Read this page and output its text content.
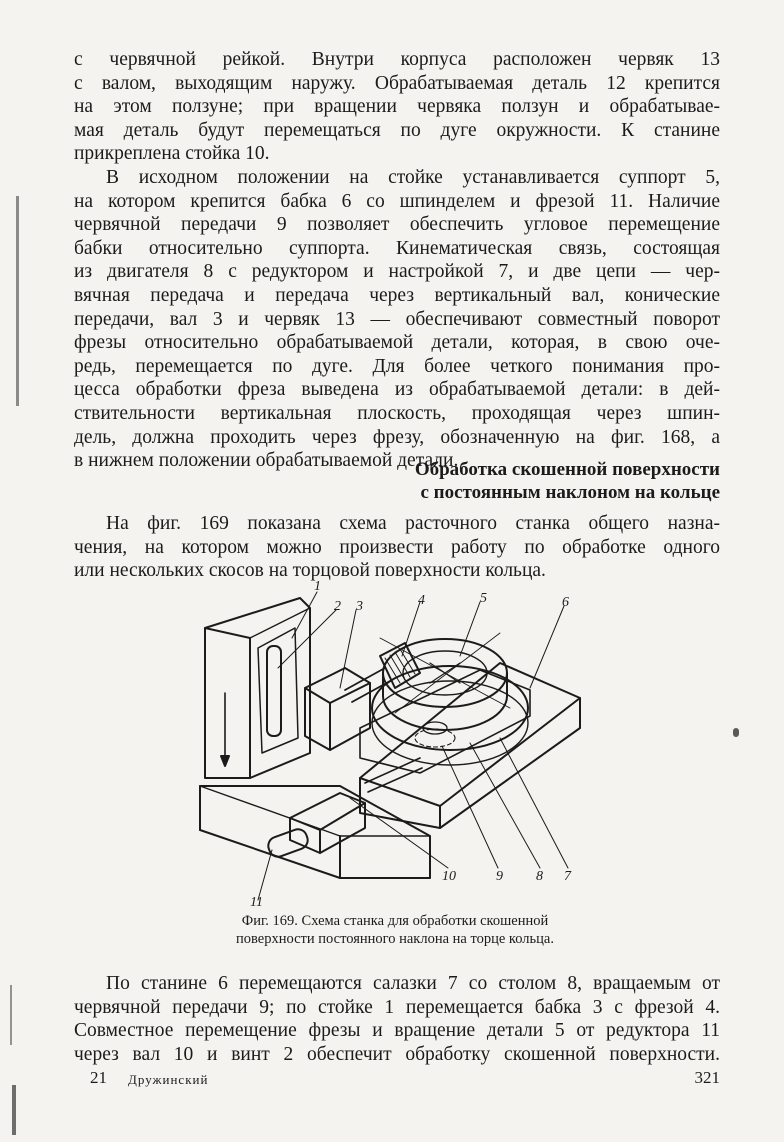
с червячной рейкой. Внутри корпуса расположен червяк 13
с валом, выходящим наружу. Обрабатываемая деталь 12 крепится
на этом ползуне; при вращении червяка ползун и обрабатывае-
мая деталь будут перемещаться по дуге окружности. К станине
прикреплена стойка 10.
В исходном положении на стойке устанавливается суппорт 5,
на котором крепится бабка 6 со шпинделем и фрезой 11. Наличие
червячной передачи 9 позволяет обеспечить угловое перемещение
бабки относительно суппорта. Кинематическая связь, состоящая
из двигателя 8 с редуктором и настройкой 7, и две цепи — чер-
вячная передача и передача через вертикальный вал, конические
передачи, вал 3 и червяк 13 — обеспечивают совместный поворот
фрезы относительно обрабатываемой детали, которая, в свою оче-
редь, перемещается по дуге. Для более четкого понимания про-
цесса обработки фреза выведена из обрабатываемой детали: в дей-
ствительности вертикальная плоскость, проходящая через шпин-
дель, должна проходить через фрезу, обозначенную на фиг. 168, а
в нижнем положении обрабатываемой детали.
Обработка скошенной поверхности
с постоянным наклоном на кольце
На фиг. 169 показана схема расточного станка общего назна-
чения, на котором можно произвести работу по обработке одного
или нескольких скосов на торцовой поверхности кольца.
1
2 3	4	5	6
7
8
9
10
11
Фиг. 169. Схема станка для обработки скошенной
поверхности постоянного наклона на торце кольца.
По станине 6 перемещаются салазки 7 со столом 8, вращаемым от
червячной передачи 9; по стойке 1 перемещается бабка 3 с фрезой 4.
Совместное перемещение фрезы и вращение детали 5 от редуктора 11
через вал 10 и винт 2 обеспечит обработку скошенной поверхности.
21 Дружинский	321
